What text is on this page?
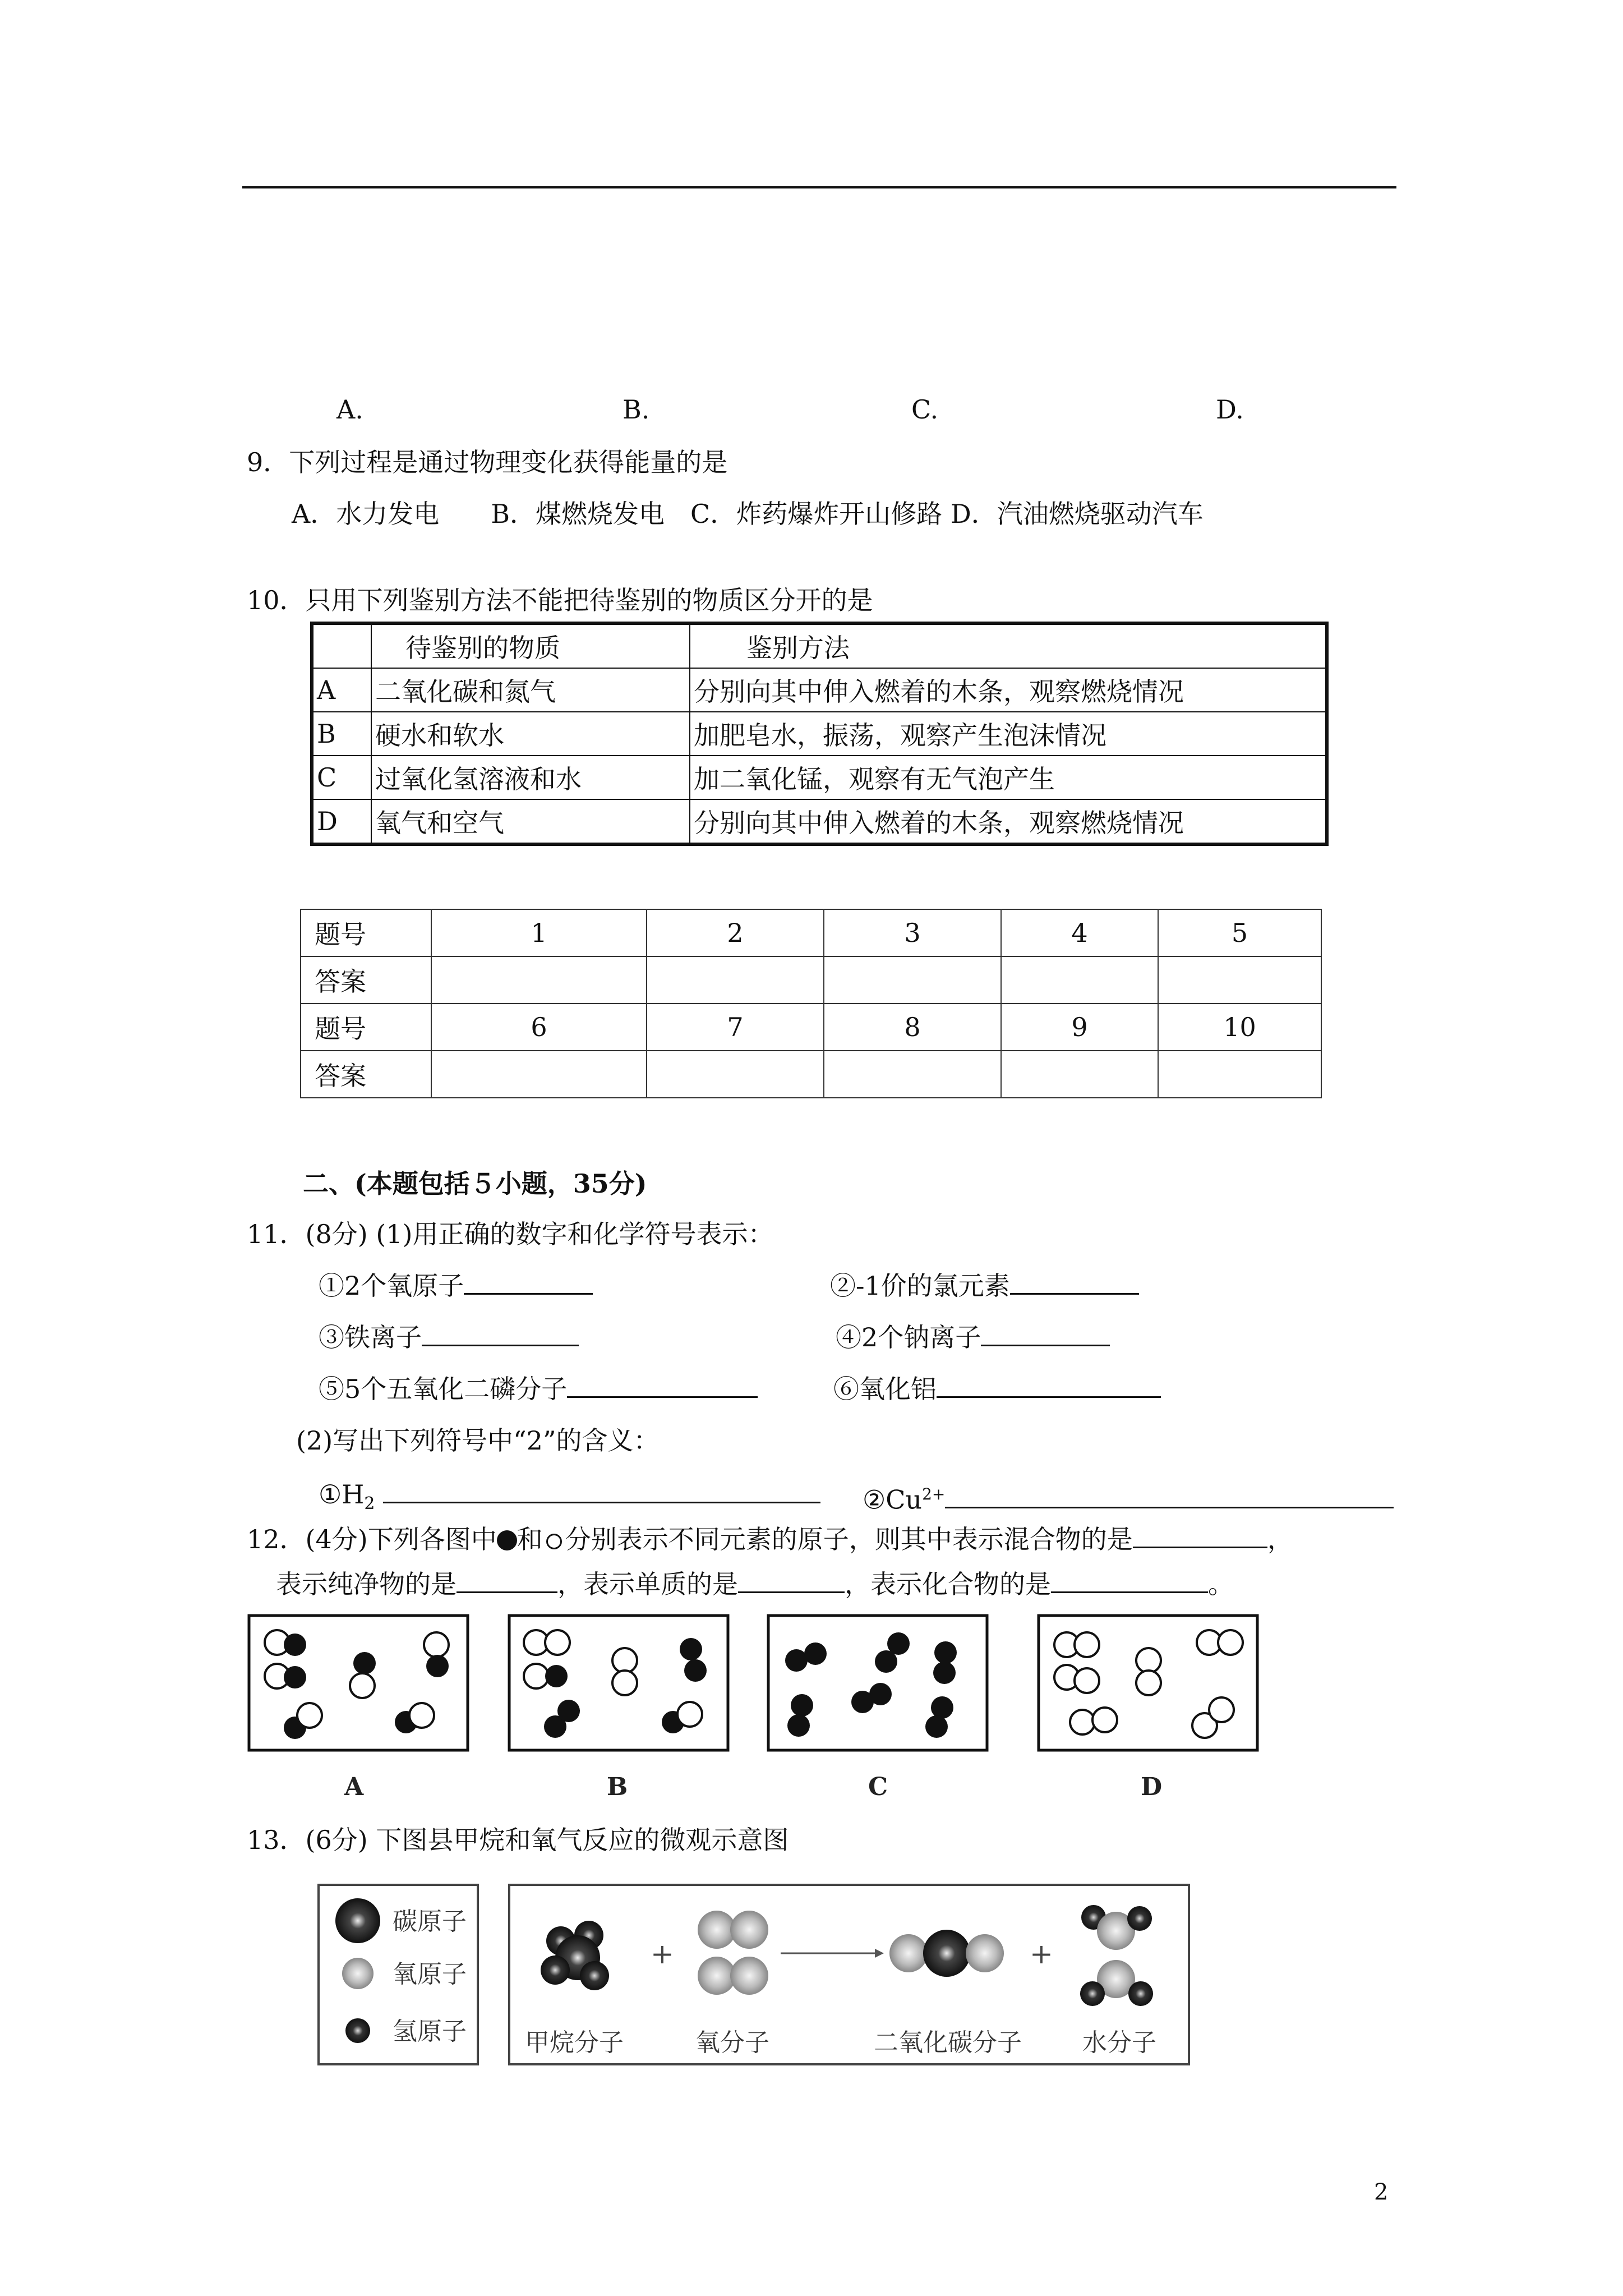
A.	B.	C.	D.
9．下列过程是通过物理变化获得能量的是
A．水力发电　　B．煤燃烧发电　C．炸药爆炸开山修路 D．汽油燃烧驱动汽车
10．只用下列鉴别方法不能把待鉴别的物质区分开的是
	待鉴别的物质	鉴别方法
A	二氧化碳和氮气	分别向其中伸入燃着的木条，观察燃烧情况
B	硬水和软水	加肥皂水，振荡，观察产生泡沫情况
C	过氧化氢溶液和水	加二氧化锰，观察有无气泡产生
D	氧气和空气	分别向其中伸入燃着的木条，观察燃烧情况
题号	1	2	3	4	5
答案					
题号	6	7	8	9	10
答案					
二、(本题包括５小题，35分)
11．(8分) (1)用正确的数字和化学符号表示：
①2个氧原子	②-1价的氯元素
③铁离子	④2个钠离子
⑤5个五氧化二磷分子	⑥氧化铝
(2)写出下列符号中“2”的含义：
$①H_2$	$②Cu^{2+}$
12．(4分)下列各图中 和 分别表示不同元素的原子，则其中表示混合物的是	，
表示纯净物的是	，表示单质的是	，表示化合物的是	。
A	B	C	D
13．(6分) 下图县甲烷和氧气反应的微观示意图
碳原子
氧原子
氢原子
+	+
甲烷分子	氧分子	二氧化碳分子 水分子
2
